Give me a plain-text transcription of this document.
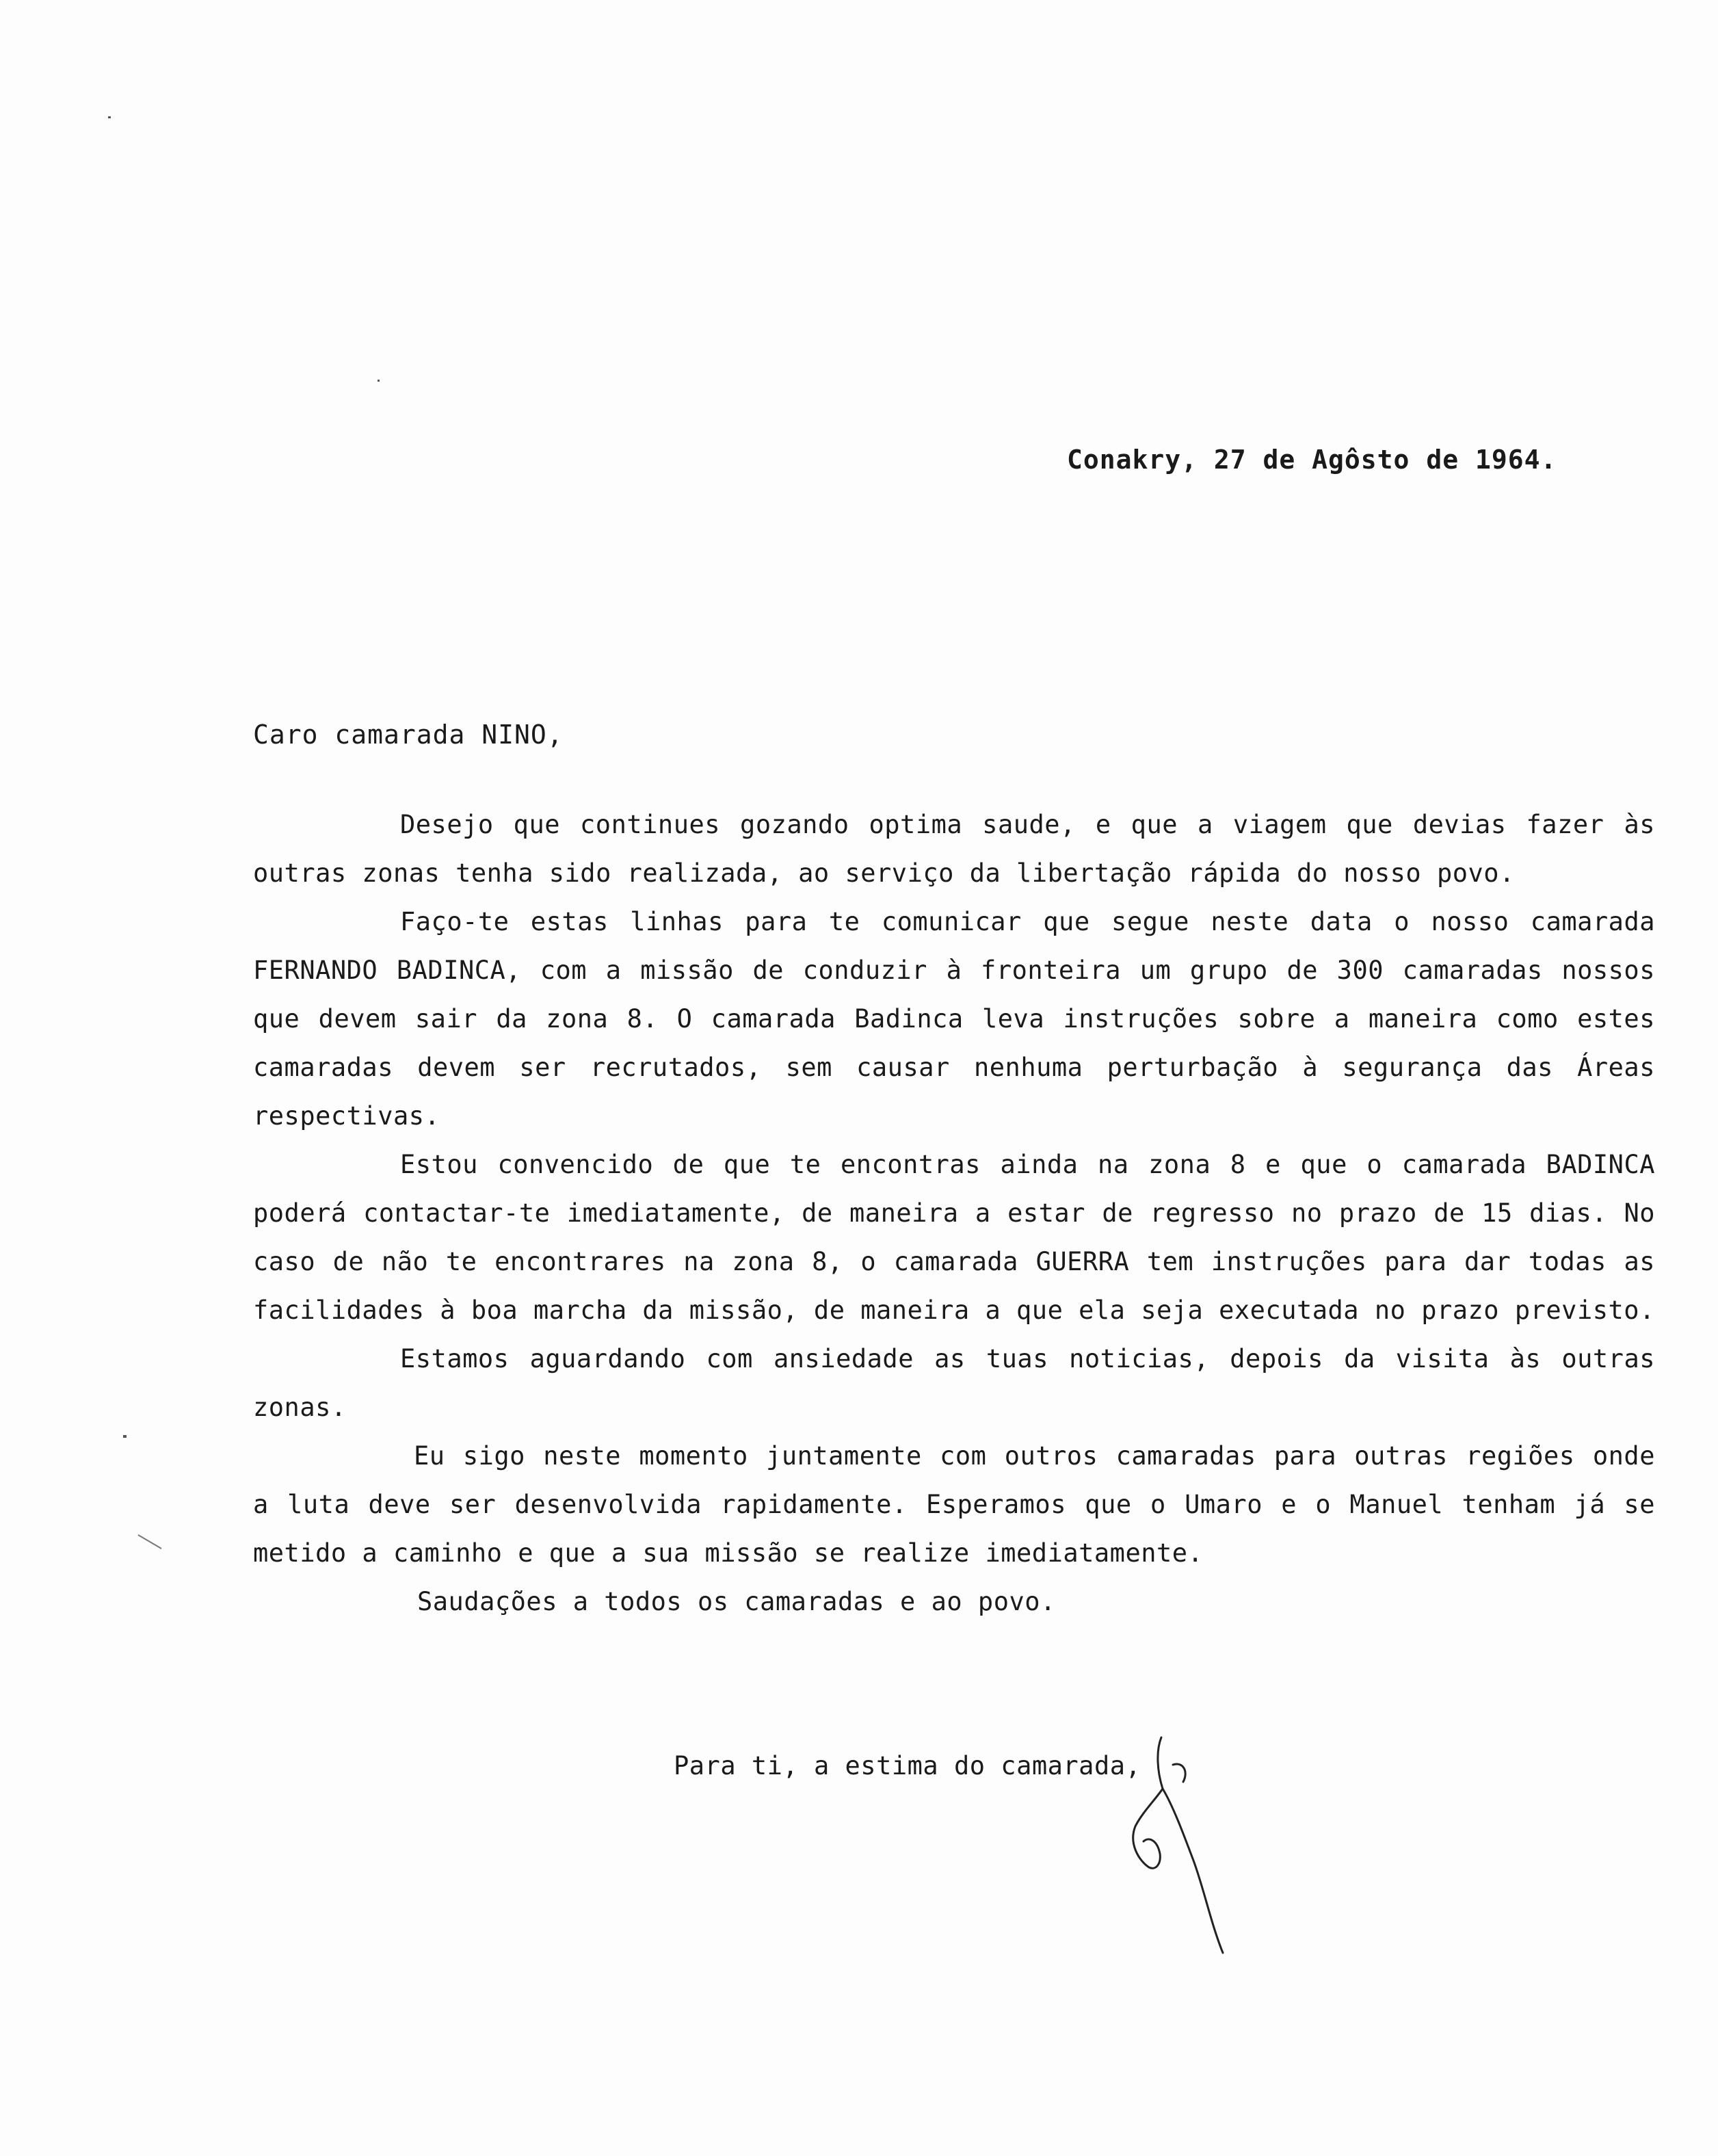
Conakry, 27 de Agôsto de 1964.
Caro camarada NINO,

Desejo que continues gozando optima saude, e que a viagem que devias fazer às outras zonas tenha sido realizada, ao serviço da libertação rápida do nosso povo.

Faço-te estas linhas para te comunicar que segue neste data o nosso camarada FERNANDO BADINCA, com a missão de conduzir à fronteira um grupo de 300 camaradas nossos que devem sair da zona 8. O camarada Badinca leva instruções sobre a maneira como estes camaradas devem ser recrutados, sem causar nenhuma perturbação à segurança das Áreas respectivas.

Estou convencido de que te encontras ainda na zona 8 e que o camarada BADINCA poderá contactar-te imediatamente, de maneira a estar de regresso no prazo de 15 dias. No caso de não te encontrares na zona 8, o camarada GUERRA tem instruções para dar todas as facilidades à boa marcha da missão, de maneira a que ela seja executada no prazo previsto.

Estamos aguardando com ansiedade as tuas noticias, depois da visita às outras zonas.

Eu sigo neste momento juntamente com outros camaradas para outras regiões onde a luta deve ser desenvolvida rapidamente. Esperamos que o Umaro e o Manuel tenham já se metido a caminho e que a sua missão se realize imediatamente.

Saudações a todos os camaradas e ao povo.

Para ti, a estima do camarada,
